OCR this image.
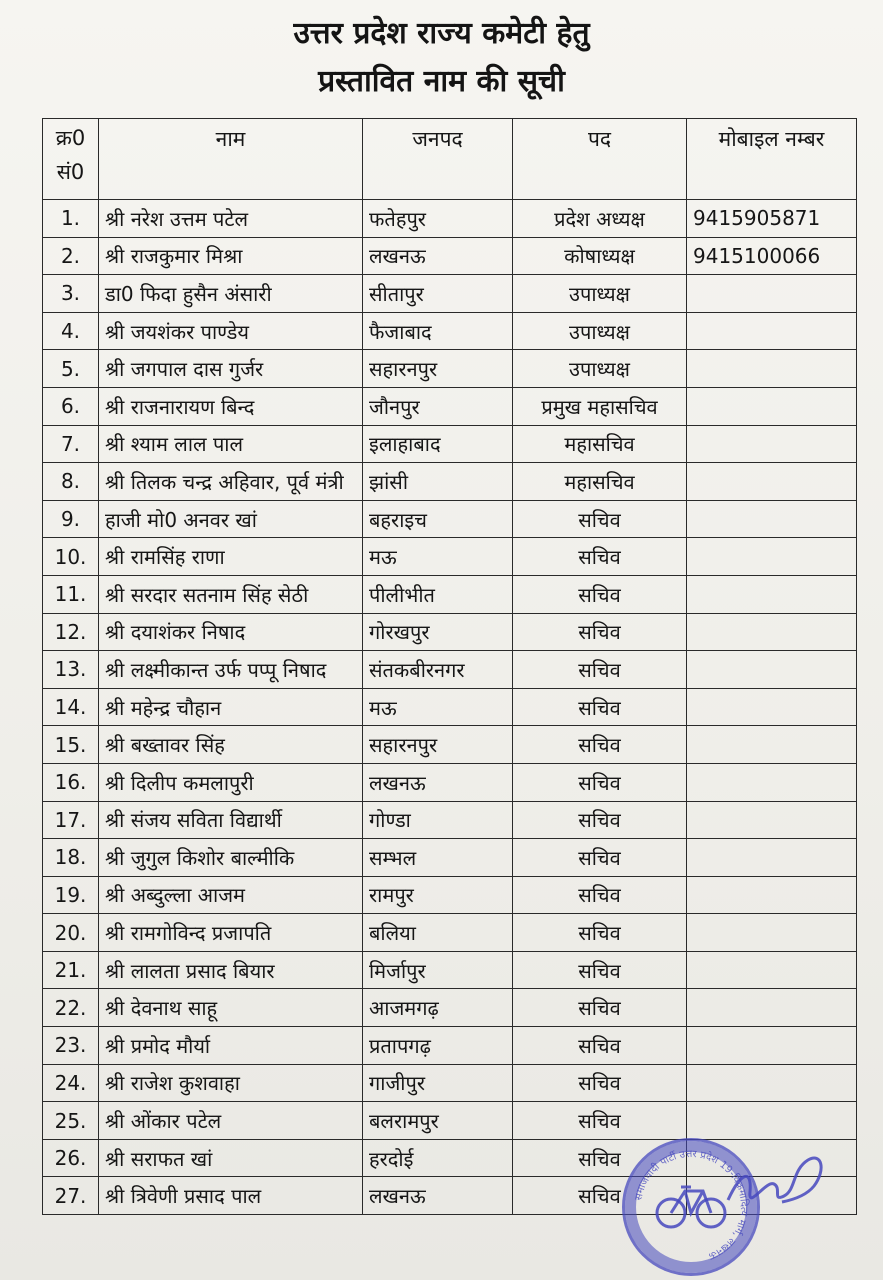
उत्तर प्रदेश राज्य कमेटी हेतु
प्रस्तावित नाम की सूची
क्र0
सं0	नाम	जनपद	पद	मोबाइल नम्बर
1.	श्री नरेश उत्तम पटेल	फतेहपुर	प्रदेश अध्यक्ष	9415905871
2.	श्री राजकुमार मिश्रा	लखनऊ	कोषाध्यक्ष	9415100066
3.	डा0 फिदा हुसैन अंसारी	सीतापुर	उपाध्यक्ष	
4.	श्री जयशंकर पाण्डेय	फैजाबाद	उपाध्यक्ष	
5.	श्री जगपाल दास गुर्जर	सहारनपुर	उपाध्यक्ष	
6.	श्री राजनारायण बिन्द	जौनपुर	प्रमुख महासचिव	
7.	श्री श्याम लाल पाल	इलाहाबाद	महासचिव	
8.	श्री तिलक चन्द्र अहिवार, पूर्व मंत्री	झांसी	महासचिव	
9.	हाजी मो0 अनवर खां	बहराइच	सचिव	
10.	श्री रामसिंह राणा	मऊ	सचिव	
11.	श्री सरदार सतनाम सिंह सेठी	पीलीभीत	सचिव	
12.	श्री दयाशंकर निषाद	गोरखपुर	सचिव	
13.	श्री लक्ष्मीकान्त उर्फ पप्पू निषाद	संतकबीरनगर	सचिव	
14.	श्री महेन्द्र चौहान	मऊ	सचिव	
15.	श्री बख्तावर सिंह	सहारनपुर	सचिव	
16.	श्री दिलीप कमलापुरी	लखनऊ	सचिव	
17.	श्री संजय सविता विद्यार्थी	गोण्डा	सचिव	
18.	श्री जुगुल किशोर बाल्मीकि	सम्भल	सचिव	
19.	श्री अब्दुल्ला आजम	रामपुर	सचिव	
20.	श्री रामगोविन्द प्रजापति	बलिया	सचिव	
21.	श्री लालता प्रसाद बियार	मिर्जापुर	सचिव	
22.	श्री देवनाथ साहू	आजमगढ़	सचिव	
23.	श्री प्रमोद मौर्या	प्रतापगढ़	सचिव	
24.	श्री राजेश कुशवाहा	गाजीपुर	सचिव	
25.	श्री ओंकार पटेल	बलरामपुर	सचिव	
26.	श्री सराफत खां	हरदोई	सचिव	
27.	श्री त्रिवेणी प्रसाद पाल	लखनऊ	सचिव	समाजवादी पार्टी उत्तर प्रदेश 19-विक्रमादित्य मार्ग, लखनऊ
